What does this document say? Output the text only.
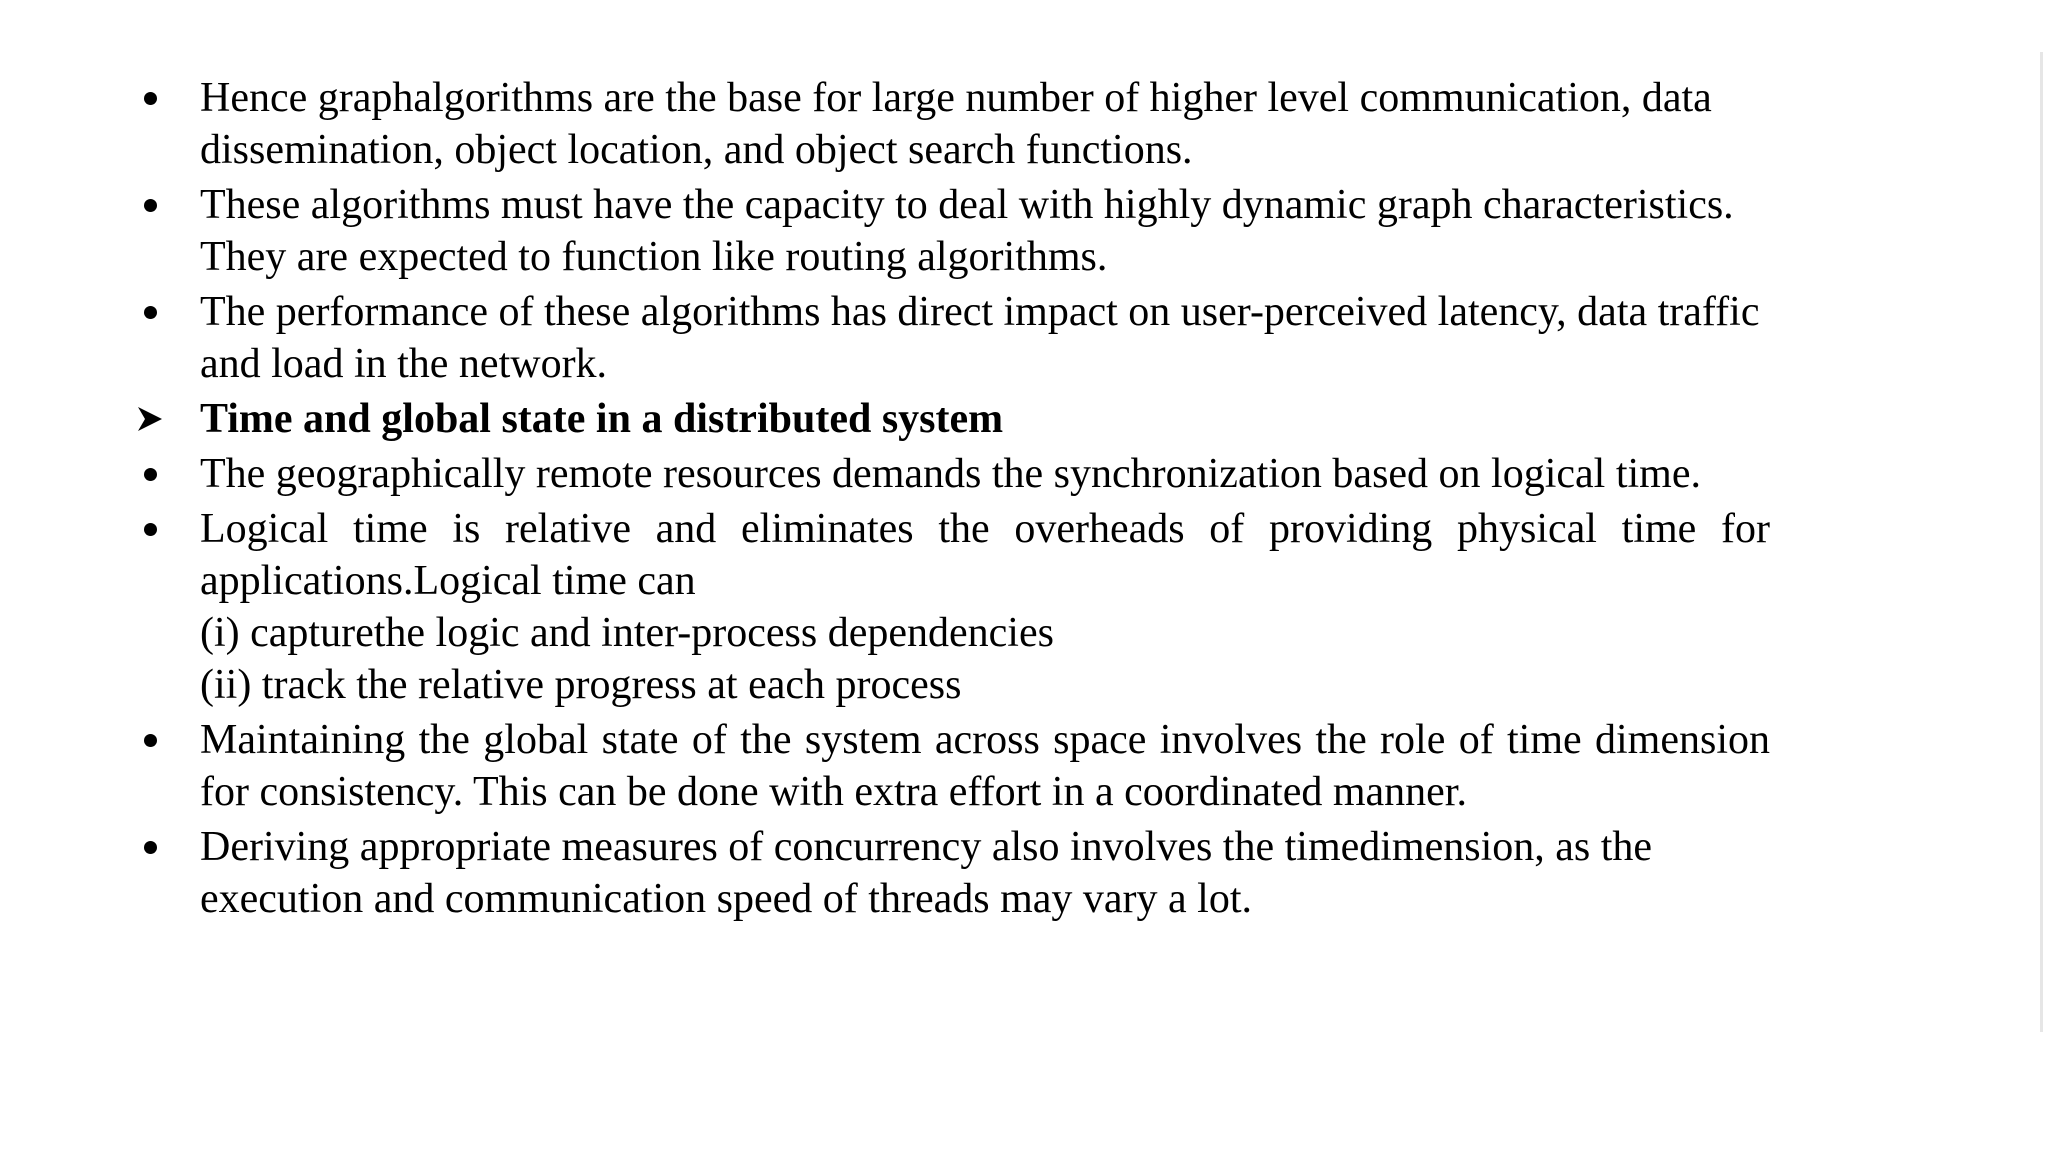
Hence graphalgorithms are the base for large number of higher level communication, data dissemination, object location, and object search functions.
These algorithms must have the capacity to deal with highly dynamic graph characteristics. They are expected to function like routing algorithms.
The performance of these algorithms has direct impact on user-perceived latency, data traffic and load in the network.
Time and global state in a distributed system
The geographically remote resources demands the synchronization based on logical time.
Logical time is relative and eliminates the overheads of providing physical time for applications.Logical time can
(i) capturethe logic and inter-process dependencies
(ii) track the relative progress at each process
Maintaining the global state of the system across space involves the role of time dimension for consistency. This can be done with extra effort in a coordinated manner.
Deriving appropriate measures of concurrency also involves the timedimension, as the execution and communication speed of threads may vary a lot.
